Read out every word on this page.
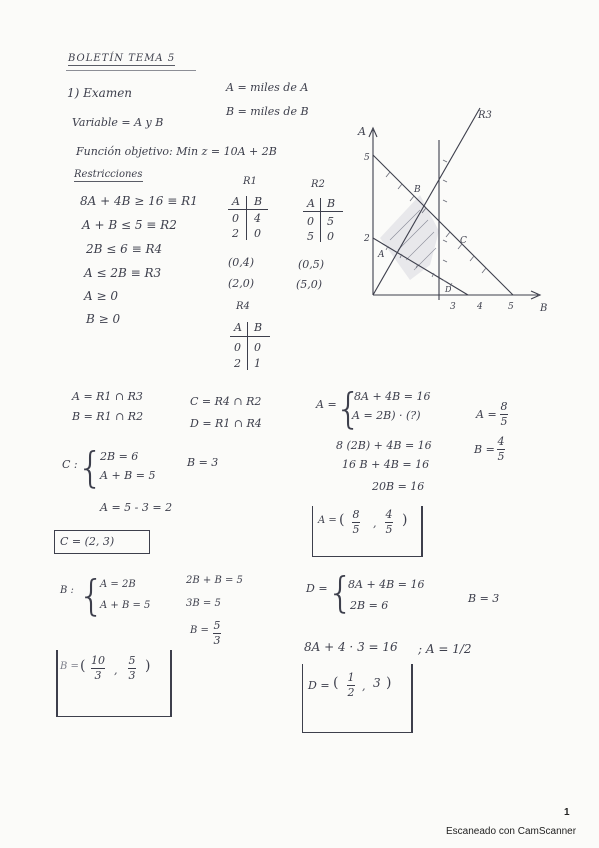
BOLETÍN TEMA 5
1) Examen	A = miles de A
B = miles de B
Variable = A y B
Función objetivo: Min z = 10A + 2B
Restricciones
8A + 4B ≥ 16 ≡ R1
A + B ≤ 5 ≡ R2
2B ≤ 6 ≡ R4
A ≤ 2B ≡ R3
A ≥ 0
B ≥ 0
R1
A B
0 4
2 0
(0,4)
(2,0)
R2
A B
0 5
5 0
(0,5)
(5,0)
R4
A B
0 0
2 1
A
B
R3
5
2
3 4	5
A
B
C
D
A = R1 ∩ R3
B = R1 ∩ R2
C = R4 ∩ R2
D = R1 ∩ R4
A =
{
8A + 4B = 16
A = 2B) · (?)	A =
8
5
8 (2B) + 4B = 16
16 B + 4B = 16
20B = 16
B =
4
5
A = ( 8
5 ,
4
5
)
C : {
2B = 6
A + B = 5
B = 3
A = 5 - 3 = 2
C = (2, 3)
B : {
A = 2B
A + B = 5
2B + B = 5
3B = 5
B = 5
3
B = ( 10
3 ,
5
3
)
D = {
8A + 4B = 16
2B = 6
B = 3
8A + 4 · 3 = 16 ; A = 1/2
D = ( 1
2 , 3 )
1
Escaneado con CamScanner
